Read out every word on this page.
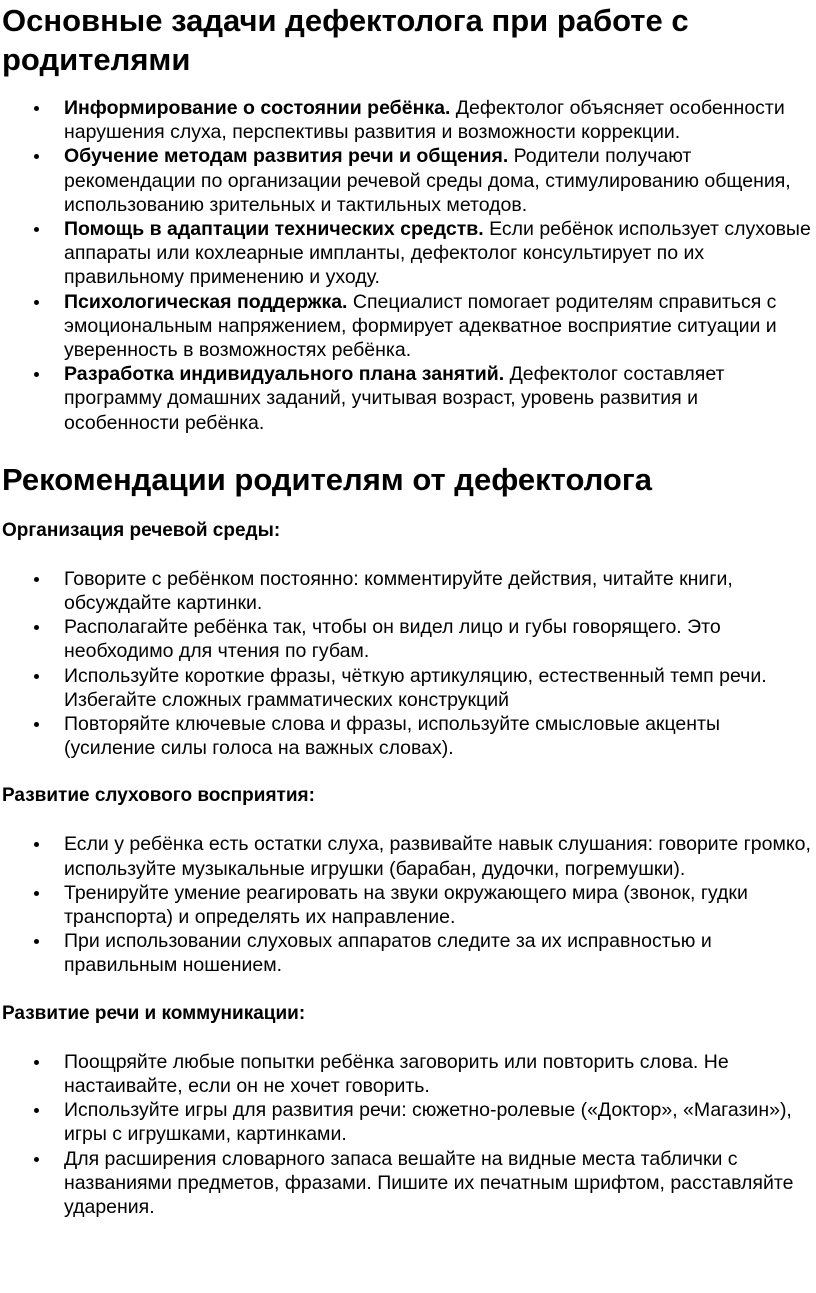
Основные задачи дефектолога при работе с родителями
Информирование о состоянии ребёнка. Дефектолог объясняет особенности нарушения слуха, перспективы развития и возможности коррекции.
Обучение методам развития речи и общения. Родители получают рекомендации по организации речевой среды дома, стимулированию общения, использованию зрительных и тактильных методов.
Помощь в адаптации технических средств. Если ребёнок использует слуховые аппараты или кохлеарные импланты, дефектолог консультирует по их правильному применению и уходу.
Психологическая поддержка. Специалист помогает родителям справиться с эмоциональным напряжением, формирует адекватное восприятие ситуации и уверенность в возможностях ребёнка.
Разработка индивидуального плана занятий. Дефектолог составляет программу домашних заданий, учитывая возраст, уровень развития и особенности ребёнка.
Рекомендации родителям от дефектолога
Организация речевой среды:
Говорите с ребёнком постоянно: комментируйте действия, читайте книги, обсуждайте картинки.
Располагайте ребёнка так, чтобы он видел лицо и губы говорящего. Это необходимо для чтения по губам.
Используйте короткие фразы, чёткую артикуляцию, естественный темп речи. Избегайте сложных грамматических конструкций
Повторяйте ключевые слова и фразы, используйте смысловые акценты (усиление силы голоса на важных словах).
Развитие слухового восприятия:
Если у ребёнка есть остатки слуха, развивайте навык слушания: говорите громко, используйте музыкальные игрушки (барабан, дудочки, погремушки).
Тренируйте умение реагировать на звуки окружающего мира (звонок, гудки транспорта) и определять их направление.
При использовании слуховых аппаратов следите за их исправностью и правильным ношением.
Развитие речи и коммуникации:
Поощряйте любые попытки ребёнка заговорить или повторить слова. Не настаивайте, если он не хочет говорить.
Используйте игры для развития речи: сюжетно-ролевые («Доктор», «Магазин»), игры с игрушками, картинками.
Для расширения словарного запаса вешайте на видные места таблички с названиями предметов, фразами. Пишите их печатным шрифтом, расставляйте ударения.
